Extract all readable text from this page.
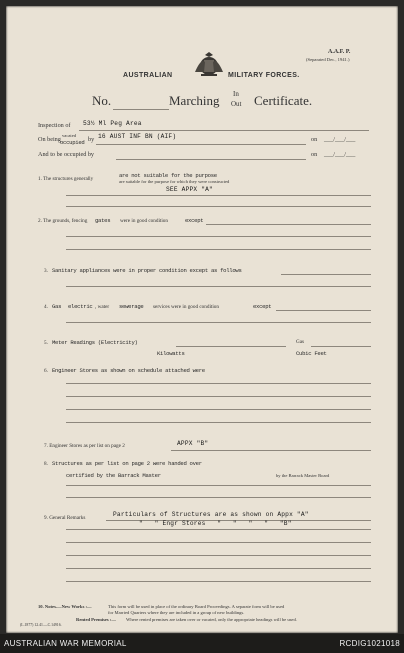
A.A.F. P.
(Separated Dec., 1941.)
AUSTRALIAN	MILITARY FORCES.
No.	Marching In
Out Certificate.
Inspection of 53½ Ml Peg Area
On being
vacated
occupied by 16 AUST INF BN (AIF)	on ___/___/___
And to be occupied by	on ___/___/___
1. The structures generally	are not suitable for the purpose
are suitable for the purpose for which they were constructed
SEE APPX "A"
2. The grounds, fencing gates were in good condition	except
3. Sanitary appliances were in proper condition except as follows
4. Gas electric , water sewerage services were in good condition	except
5. Meter Readings (Electricity)	Gas
Kilowatts	Cubic Feet
6. Engineer Stores as shown on schedule attached were
7. Engineer Stores as per list on page 2	APPX "B"
8. Structures as per list on page 2 were handed over
certified by the Barrack Master	by the Barrack Master Board
9. General Remarks	Particulars of Structures are as shown on Appx "A"
"   " Engr Stores   "   "   "   "   "B"
10. Notes.—New Works :—	This form will be used in place of the ordinary Board Proceedings. A separate form will be used
for Married Quarters where they are included in a group of new buildings.
Rented Premises :— Where rented premises are taken over or vacated, only the appropriate headings will be used.
(L.1877) 12.41.—C.14916.
AUSTRALIAN WAR MEMORIAL	RCDIG1021018
